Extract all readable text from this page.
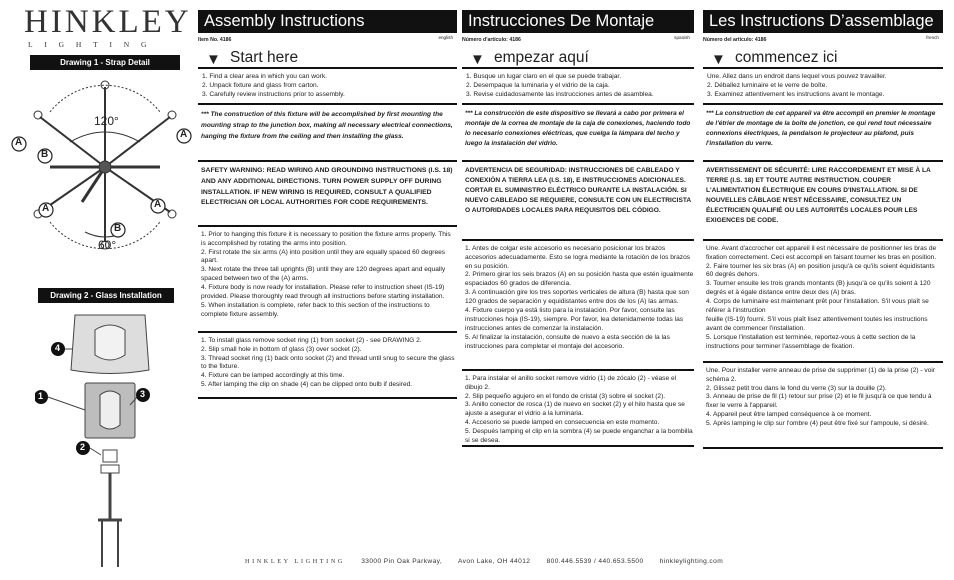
HINKLEY
LIGHTING
Drawing 1 - Strap Detail
120°
60°
A
A
B
A	A
B
Drawing 2 - Glass Installation
4
1	3
2
Assembly Instructions
Item No. 4186	english
▼ Start here
1. Find a clear area in which you can work.
2. Unpack fixture and glass from carton.
3. Carefully review instructions prior to assembly.
*** The construction of this fixture will be accomplished by first mounting the mounting strap to the junction box, making all necessary electrical connections, hanging the fixture from the ceiling and then installing the glass.
SAFETY WARNING: READ WIRING AND GROUNDING INSTRUCTIONS (I.S. 18) AND ANY ADDITIONAL DIRECTIONS. TURN POWER SUPPLY OFF DURING INSTALLATION. IF NEW WIRING IS REQUIRED, CONSULT A QUALIFIED ELECTRICIAN OR LOCAL AUTHORITIES FOR CODE REQUIREMENTS.
1. Prior to hanging this fixture it is necessary to position the fixture arms properly. This is accomplished by rotating the arms into position.
2. First rotate the six arms (A) into position until they are equally spaced 60 degrees apart.
3. Next rotate the three tall uprights (B) until they are 120 degrees apart and equally spaced between two of the (A) arms.
4. Fixture body is now ready for installation. Please refer to instruction sheet (IS-19) provided. Please thoroughly read through all instructions before starting installation.
5. When installation is complete, refer back to this section of the instructions to complete fixture assembly.
1. To install glass remove socket ring (1) from socket (2) - see DRAWING 2.
2. Slip small hole in bottom of glass (3) over socket (2).
3. Thread socket ring (1) back onto socket (2) and thread until snug to secure the glass to the fixture.
4. Fixture can be lamped accordingly at this time.
5. After lamping the clip on shade (4) can be clipped onto bulb if desired.
Instrucciones De Montaje
Número d'artículo: 4186	spanish
▼ empezar aquí
1. Busque un lugar claro en el que se puede trabajar.
2. Desempaque la luminaria y el vidrio de la caja.
3. Revise cuidadosamente las instrucciones antes de asamblea.
*** La construcción de este dispositivo se llevará a cabo por primera el montaje de la correa de montaje de la caja de conexiones, haciendo todo lo necesario conexiones eléctricas, que cuelga la lámpara del techo y luego la instalación del vidrio.
ADVERTENCIA DE SEGURIDAD: INSTRUCCIONES DE CABLEADO Y CONEXIÓN A TIERRA LEA (I.S. 18), E INSTRUCCIONES ADICIONALES. CORTAR EL SUMINISTRO ELÉCTRICO DURANTE LA INSTALACIÓN. SI NUEVO CABLEADO SE REQUIERE, CONSULTE CON UN ELECTRICISTA O AUTORIDADES LOCALES PARA REQUISITOS DEL CÓDIGO.
1. Antes de colgar este accesorio es necesario posicionar los brazos accesorios adecuadamente. Esto se logra mediante la rotación de los brazos en su posición.
2. Primero girar los seis brazos (A) en su posición hasta que estén igualmente espaciados 60 grados de diferencia.
3. A continuación gire los tres soportes verticales de altura (B) hasta que son 120 grados de separación y equidistantes entre dos de los (A) las armas.
4. Fixture cuerpo ya está listo para la instalación. Por favor, consulte las instrucciones hoja (IS-19), siempre. Por favor, lea detenidamente todas las instrucciones antes de comenzar la instalación.
5. Al finalizar la instalación, consulte de nuevo a esta sección de la las instrucciones para completar el montaje del accesorio.
1. Para instalar el anillo socket remove vidrio (1) de zócalo (2) - véase el dibujo 2.
2. Slip pequeño agujero en el fondo de cristal (3) sobre el socket (2).
3. Anillo conector de rosca (1) de nuevo en socket (2) y el hilo hasta que se ajuste a asegurar el vidrio a la luminaria.
4. Accesorio se puede lamped en consecuencia en este momento.
5. Después lamping el clip en la sombra (4) se puede enganchar a la bombilla si se desea.
Les Instructions D’assemblage
Número del artículo: 4186	french
▼ commencez ici
Une. Allez dans un endroit dans lequel vous pouvez travailler.
2. Déballez luminaire et le verre de boîte.
3. Examinez attentivement les instructions avant le montage.
*** La construction de cet appareil va être accompli en premier le montage de l'étrier de montage de la boîte de jonction, ce qui rend tout nécessaire connexions électriques, la pendaison le projecteur au plafond, puis l'installation du verre.
AVERTISSEMENT DE SÉCURITÉ: LIRE RACCORDEMENT ET MISE À LA TERRE (I.S. 18) ET TOUTE AUTRE INSTRUCTION. COUPER L'ALIMENTATION ÉLECTRIQUE EN COURS D'INSTALLATION. SI DE NOUVELLES CÂBLAGE N'EST NÉCESSAIRE, CONSULTEZ UN ÉLECTRICIEN QUALIFIÉ OU LES AUTORITÉS LOCALES POUR LES EXIGENCES DE CODE.
Une. Avant d'accrocher cet appareil il est nécessaire de positionner les bras de fixation correctement. Ceci est accompli en faisant tourner les bras en position.
2. Faire tourner les six bras (A) en position jusqu'à ce qu'ils soient équidistants 60 degrés dehors.
3. Tourner ensuite les trois grands montants (B) jusqu'à ce qu'ils soient à 120 degrés et à égale distance entre deux des (A) bras.
4. Corps de luminaire est maintenant prêt pour l'installation. S'il vous plaît se référer à l'instruction
feuille (IS-19) fourni. S'il vous plaît lisez attentivement toutes les instructions avant de commencer l'installation.
5. Lorsque l'installation est terminée, reportez-vous à cette section de la instructions pour terminer l'assemblage de fixation.
Une. Pour installer verre anneau de prise de supprimer (1) de la prise (2) - voir schéma 2.
2. Glissez petit trou dans le fond du verre (3) sur la douille (2).
3. Anneau de prise de fil (1) retour sur prise (2) et le fil jusqu'à ce que tendu à fixer le verre à l'appareil.
4. Appareil peut être lamped conséquence à ce moment.
5. Après lamping le clip sur l'ombre (4) peut être fixé sur l'ampoule, si désiré.
HINKLEY LIGHTING 33000 Pin Oak Parkway, Avon Lake, OH 44012 800.446.5539 / 440.653.5500 hinkleylighting.com
